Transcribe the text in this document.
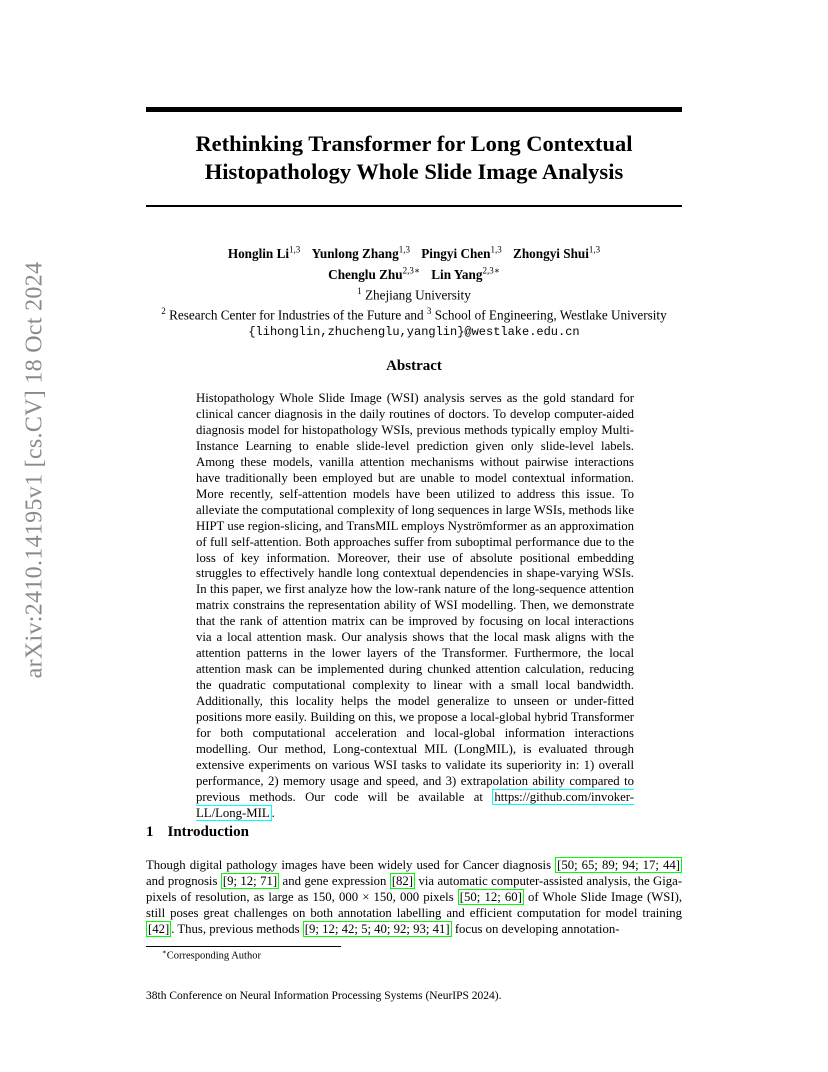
arXiv:2410.14195v1 [cs.CV] 18 Oct 2024
Rethinking Transformer for Long Contextual
Histopathology Whole Slide Image Analysis
Honglin Li$^{1,3}$ Yunlong Zhang$^{1,3}$ Pingyi Chen$^{1,3}$ Zhongyi Shui$^{1,3}$
Chenglu Zhu$^{2,3∗}$ Lin Yang$^{2,3∗}$
$^1$ Zhejiang University
$^2$ Research Center for Industries of the Future and $^3$ School of Engineering, Westlake University
{lihonglin,zhuchenglu,yanglin}@westlake.edu.cn
Abstract
Histopathology Whole Slide Image (WSI) analysis serves as the gold standard for clinical cancer diagnosis in the daily routines of doctors. To develop computer-aided diagnosis model for histopathology WSIs, previous methods typically employ Multi-Instance Learning to enable slide-level prediction given only slide-level labels. Among these models, vanilla attention mechanisms without pairwise interactions have traditionally been employed but are unable to model contextual information. More recently, self-attention models have been utilized to address this issue. To alleviate the computational complexity of long sequences in large WSIs, methods like HIPT use region-slicing, and TransMIL employs Nyströmformer as an approximation of full self-attention. Both approaches suffer from suboptimal performance due to the loss of key information. Moreover, their use of absolute positional embedding struggles to effectively handle long contextual dependencies in shape-varying WSIs. In this paper, we first analyze how the low-rank nature of the long-sequence attention matrix constrains the representation ability of WSI modelling. Then, we demonstrate that the rank of attention matrix can be improved by focusing on local interactions via a local attention mask. Our analysis shows that the local mask aligns with the attention patterns in the lower layers of the Transformer. Furthermore, the local attention mask can be implemented during chunked attention calculation, reducing the quadratic computational complexity to linear with a small local bandwidth. Additionally, this locality helps the model generalize to unseen or under-fitted positions more easily. Building on this, we propose a local-global hybrid Transformer for both computational acceleration and local-global information interactions modelling. Our method, Long-contextual MIL (LongMIL), is evaluated through extensive experiments on various WSI tasks to validate its superiority in: 1) overall performance, 2) memory usage and speed, and 3) extrapolation ability compared to previous methods. Our code will be available at https://github.com/invoker-LL/Long-MIL .
1 Introduction
Though digital pathology images have been widely used for Cancer diagnosis [50; 65; 89; 94; 17; 44] and prognosis [9; 12; 71] and gene expression [82] via automatic computer-assisted analysis, the Giga-pixels of resolution, as large as 150, 000 × 150, 000 pixels [50; 12; 60] of Whole Slide Image (WSI), still poses great challenges on both annotation labelling and efficient computation for model training [42] . Thus, previous methods [9; 12; 42; 5; 40; 92; 93; 41] focus on developing annotation-
∗Corresponding Author
38th Conference on Neural Information Processing Systems (NeurIPS 2024).
